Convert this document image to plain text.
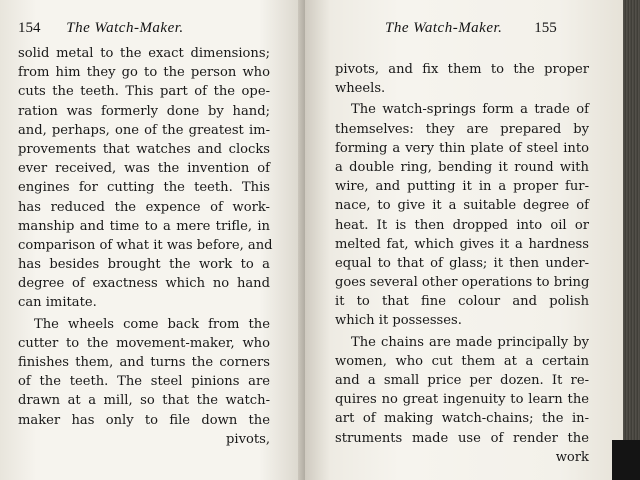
154 The Watch-Maker.
solid metal to the exact dimensions;
from him they go to the person who
cuts the teeth. This part of the ope-
ration was formerly done by hand;
and, perhaps, one of the greatest im-
provements that watches and clocks
ever received, was the invention of
engines for cutting the teeth. This
has reduced the expence of work-
manship and time to a mere trifle, in
comparison of what it was before, and
has besides brought the work to a
degree of exactness which no hand
can imitate.
The wheels come back from the
cutter to the movement-maker, who
finishes them, and turns the corners
of the teeth. The steel pinions are
drawn at a mill, so that the watch-
maker has only to file down the
pivots,
The Watch-Maker. 155
pivots, and fix them to the proper
wheels.
The watch-springs form a trade of
themselves: they are prepared by
forming a very thin plate of steel into
a double ring, bending it round with
wire, and putting it in a proper fur-
nace, to give it a suitable degree of
heat. It is then dropped into oil or
melted fat, which gives it a hardness
equal to that of glass; it then under-
goes several other operations to bring
it to that fine colour and polish
which it possesses.
The chains are made principally by
women, who cut them at a certain
and a small price per dozen. It re-
quires no great ingenuity to learn the
art of making watch-chains; the in-
struments made use of render the
work
